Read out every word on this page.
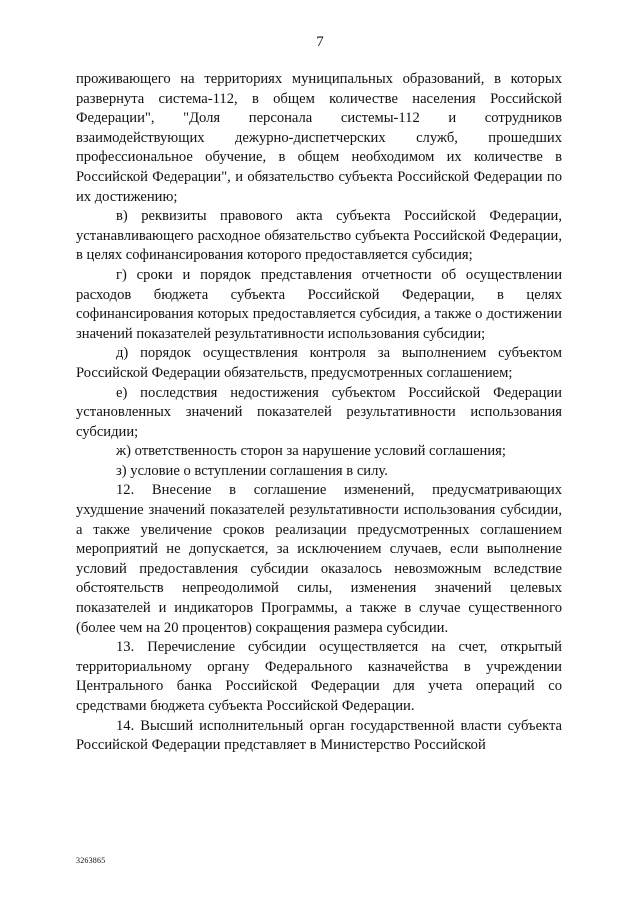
7

проживающего на территориях муниципальных образований, в которых развернута система-112, в общем количестве населения Российской Федерации", "Доля персонала системы-112 и сотрудников взаимодействующих дежурно-диспетчерских служб, прошедших профессиональное обучение, в общем необходимом их количестве в Российской Федерации", и обязательство субъекта Российской Федерации по их достижению;

в) реквизиты правового акта субъекта Российской Федерации, устанавливающего расходное обязательство субъекта Российской Федерации, в целях софинансирования которого предоставляется субсидия;

г) сроки и порядок представления отчетности об осуществлении расходов бюджета субъекта Российской Федерации, в целях софинансирования которых предоставляется субсидия, а также о достижении значений показателей результативности использования субсидии;

д) порядок осуществления контроля за выполнением субъектом Российской Федерации обязательств, предусмотренных соглашением;

е) последствия недостижения субъектом Российской Федерации установленных значений показателей результативности использования субсидии;

ж) ответственность сторон за нарушение условий соглашения;

з) условие о вступлении соглашения в силу.

12. Внесение в соглашение изменений, предусматривающих ухудшение значений показателей результативности использования субсидии, а также увеличение сроков реализации предусмотренных соглашением мероприятий не допускается, за исключением случаев, если выполнение условий предоставления субсидии оказалось невозможным вследствие обстоятельств непреодолимой силы, изменения значений целевых показателей и индикаторов Программы, а также в случае существенного (более чем на 20 процентов) сокращения размера субсидии.

13. Перечисление субсидии осуществляется на счет, открытый территориальному органу Федерального казначейства в учреждении Центрального банка Российской Федерации для учета операций со средствами бюджета субъекта Российской Федерации.

14. Высший исполнительный орган государственной власти субъекта Российской Федерации представляет в Министерство Российской

3263865
